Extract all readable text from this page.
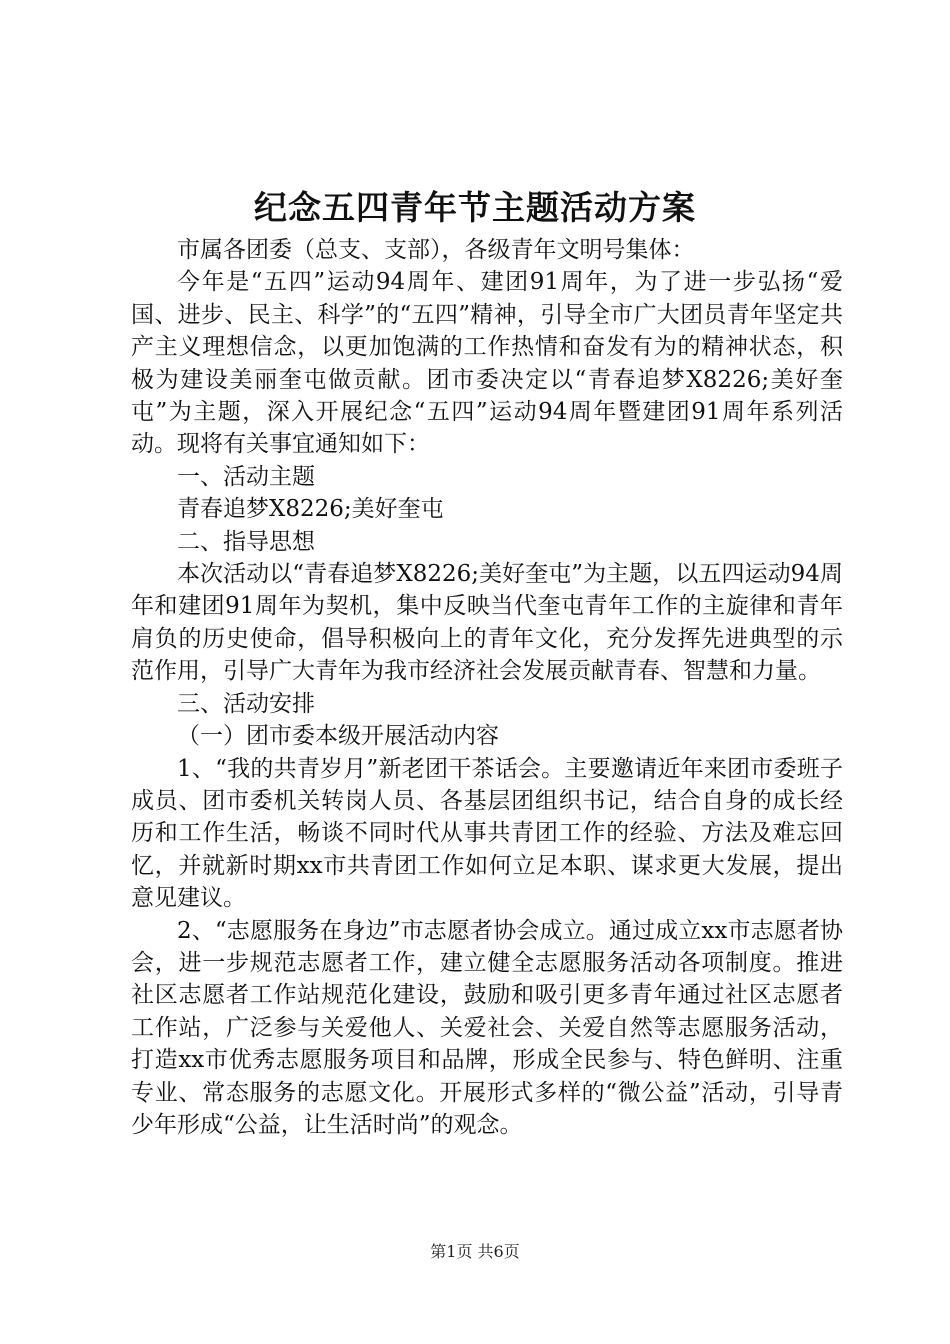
纪念五四青年节主题活动方案

市属各团委（总支、支部），各级青年文明号集体：

今年是“五四”运动94周年、建团91周年，为了进一步弘扬“爱国、进步、民主、科学”的“五四”精神，引导全市广大团员青年坚定共产主义理想信念，以更加饱满的工作热情和奋发有为的精神状态，积极为建设美丽奎屯做贡献。团市委决定以“青春追梦X8226;美好奎屯”为主题，深入开展纪念“五四”运动94周年暨建团91周年系列活动。现将有关事宜通知如下：

一、活动主题

青春追梦X8226;美好奎屯

二、指导思想

本次活动以“青春追梦X8226;美好奎屯”为主题，以五四运动94周年和建团91周年为契机，集中反映当代奎屯青年工作的主旋律和青年肩负的历史使命，倡导积极向上的青年文化，充分发挥先进典型的示范作用，引导广大青年为我市经济社会发展贡献青春、智慧和力量。

三、活动安排

（一）团市委本级开展活动内容

1、“我的共青岁月”新老团干茶话会。主要邀请近年来团市委班子成员、团市委机关转岗人员、各基层团组织书记，结合自身的成长经历和工作生活，畅谈不同时代从事共青团工作的经验、方法及难忘回忆，并就新时期xx市共青团工作如何立足本职、谋求更大发展，提出意见建议。

2、“志愿服务在身边”市志愿者协会成立。通过成立xx市志愿者协会，进一步规范志愿者工作，建立健全志愿服务活动各项制度。推进社区志愿者工作站规范化建设，鼓励和吸引更多青年通过社区志愿者工作站，广泛参与关爱他人、关爱社会、关爱自然等志愿服务活动，打造xx市优秀志愿服务项目和品牌，形成全民参与、特色鲜明、注重专业、常态服务的志愿文化。开展形式多样的“微公益”活动，引导青少年形成“公益，让生活时尚”的观念。

第1页 共6页
